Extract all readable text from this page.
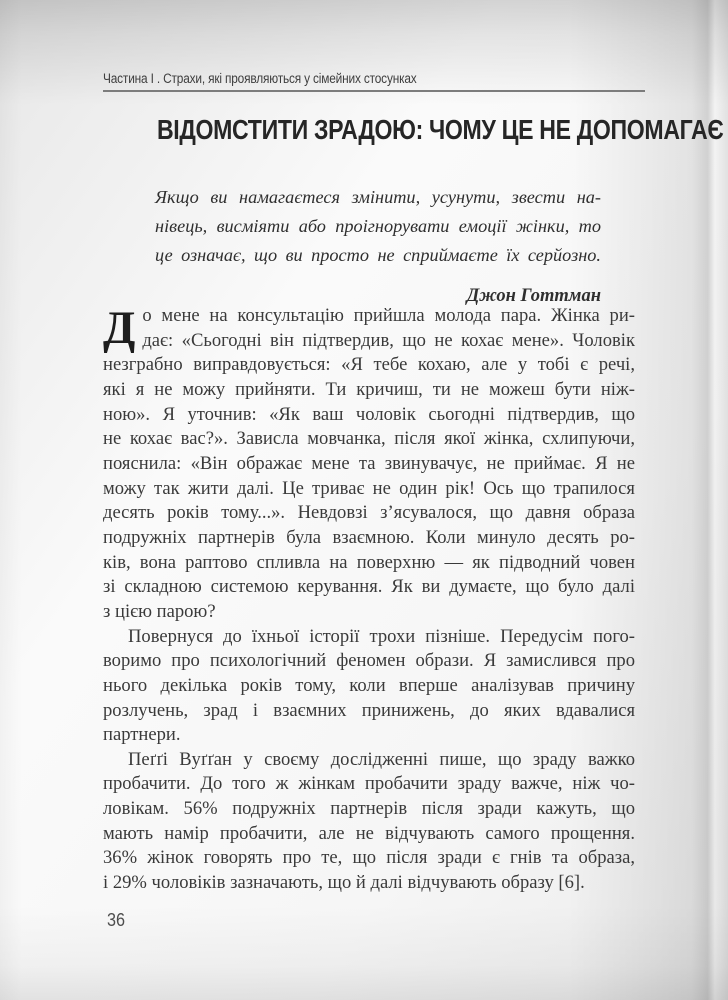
Частина I . Страхи, які проявляються у сімейних стосунках
ВІДОМСТИТИ ЗРАДОЮ: ЧОМУ ЦЕ НЕ ДОПОМАГАЄ
Якщо ви намагаєтеся змінити, усунути, звести на-
нівець, висміяти або проігнорувати емоції жінки, то
це означає, що ви просто не сприймаєте їх серйозно.
Джон Готтман
Д о мене на консультацію прийшла молода пара. Жінка ри-
дає: «Сьогодні він підтвердив, що не кохає мене». Чоловік
незграбно виправдовується: «Я тебе кохаю, але у тобі є речі,
які я не можу прийняти. Ти кричиш, ти не можеш бути ніж-
ною». Я уточнив: «Як ваш чоловік сьогодні підтвердив, що
не кохає вас?». Зависла мовчанка, після якої жінка, схлипуючи,
пояснила: «Він ображає мене та звинувачує, не приймає. Я не
можу так жити далі. Це триває не один рік! Ось що трапилося
десять років тому...». Невдовзі з’ясувалося, що давня образа
подружніх партнерів була взаємною. Коли минуло десять ро-
ків, вона раптово спливла на поверхню — як підводний човен
зі складною системою керування. Як ви думаєте, що було далі
з цією парою?
Повернуся до їхньої історії трохи пізніше. Передусім пого-
воримо про психологічний феномен образи. Я замислився про
нього декілька років тому, коли вперше аналізував причину
розлучень, зрад і взаємних принижень, до яких вдавалися
партнери.
Пеґґі Вуґґан у своєму дослідженні пише, що зраду важко
пробачити. До того ж жінкам пробачити зраду важче, ніж чо-
ловікам. 56% подружніх партнерів після зради кажуть, що
мають намір пробачити, але не відчувають самого прощення.
36% жінок говорять про те, що після зради є гнів та образа,
і 29% чоловіків зазначають, що й далі відчувають образу [6].
36
